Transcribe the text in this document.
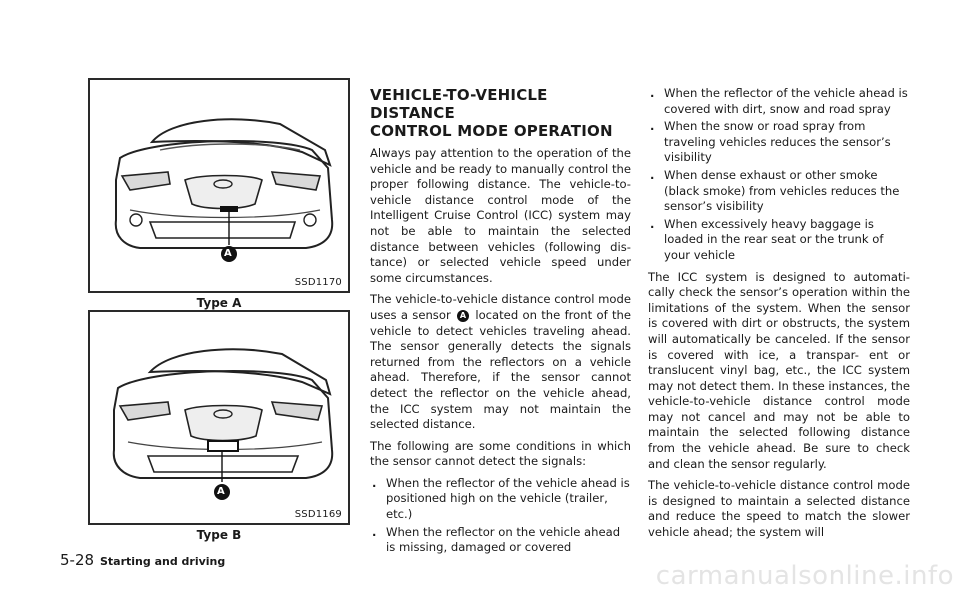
A
SSD1170
Type A
A
SSD1169
Type B
VEHICLE-TO-VEHICLE DISTANCE
CONTROL MODE OPERATION

Always pay attention to the operation of the vehicle and be ready to manually control the proper following distance. The vehicle-to-vehicle distance control mode of the Intelligent Cruise Control (ICC) system may not be able to maintain the selected distance between vehicles (following dis- tance) or selected vehicle speed under some circumstances.

The vehicle-to-vehicle distance control mode uses a sensor A located on the front of the vehicle to detect vehicles traveling ahead. The sensor generally detects the signals returned from the reflectors on a vehicle ahead. Therefore, if the sensor cannot detect the reflector on the vehicle ahead, the ICC system may not maintain the selected distance.

The following are some conditions in which the sensor cannot detect the signals:

. When the reflector of the vehicle ahead is positioned high on the vehicle (trailer, etc.)
. When the reflector on the vehicle ahead is missing, damaged or covered
. When the reflector of the vehicle ahead is covered with dirt, snow and road spray
. When the snow or road spray from traveling vehicles reduces the sensor’s visibility
. When dense exhaust or other smoke (black smoke) from vehicles reduces the sensor’s visibility
. When excessively heavy baggage is loaded in the rear seat or the trunk of your vehicle

The ICC system is designed to automati- cally check the sensor’s operation within the limitations of the system. When the sensor is covered with dirt or obstructs, the system will automatically be canceled. If the sensor is covered with ice, a transpar- ent or translucent vinyl bag, etc., the ICC system may not detect them. In these instances, the vehicle-to-vehicle distance control mode may not cancel and may not be able to maintain the selected following distance from the vehicle ahead. Be sure to check and clean the sensor regularly.

The vehicle-to-vehicle distance control mode is designed to maintain a selected distance and reduce the speed to match the slower vehicle ahead; the system will

5-28 Starting and driving	carmanualsonline.info
